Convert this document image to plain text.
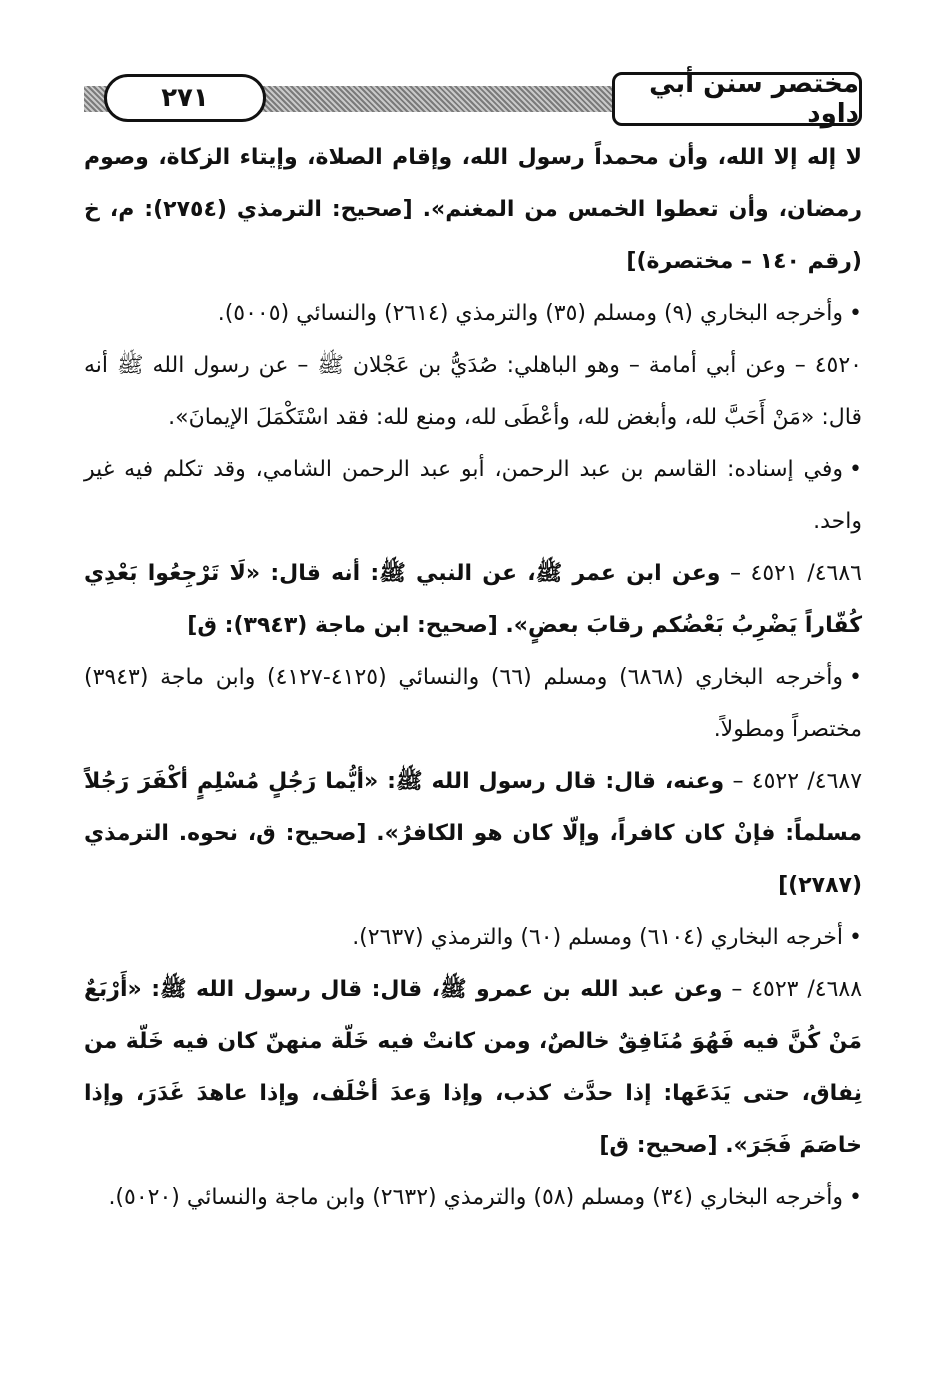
٢٧١	مختصر سنن أبي داود

لا إله إلا الله، وأن محمداً رسول الله، وإقام الصلاة، وإيتاء الزكاة، وصوم رمضان، وأن تعطوا الخمس من المغنم». [صحيح: الترمذي (٢٧٥٤): م، خ (رقم ١٤٠ – مختصرة)]

•وأخرجه البخاري (٩) ومسلم (٣٥) والترمذي (٢٦١٤) والنسائي (٥٠٠٥).

٤٥٢٠ – وعن أبي أمامة – وهو الباهلي: صُدَيُّ بن عَجْلان ﷺ – عن رسول الله ﷺ أنه قال: «مَنْ أَحَبَّ لله، وأبغض لله، وأعْطَى لله، ومنع لله: فقد اسْتَكْمَلَ الإيمانَ».

•وفي إسناده: القاسم بن عبد الرحمن، أبو عبد الرحمن الشامي، وقد تكلم فيه غير واحد.

٤٦٨٦/ ٤٥٢١ – وعن ابن عمر ﷺ، عن النبي ﷺ: أنه قال: «لَا تَرْجِعُوا بَعْدِي كُفّاراً يَضْرِبُ بَعْضُكم رقابَ بعضٍ». [صحيح: ابن ماجة (٣٩٤٣): ق]

•وأخرجه البخاري (٦٨٦٨) ومسلم (٦٦) والنسائي (٤١٢٥-٤١٢٧) وابن ماجة (٣٩٤٣) مختصراً ومطولاً.

٤٦٨٧/ ٤٥٢٢ – وعنه، قال: قال رسول الله ﷺ: «أيُّما رَجُلٍ مُسْلِمٍ أكْفَرَ رَجُلاً مسلماً: فإنْ كان كافراً، وإلّا كان هو الكافرُ». [صحيح: ق، نحوه. الترمذي (٢٧٨٧)]

•أخرجه البخاري (٦١٠٤) ومسلم (٦٠) والترمذي (٢٦٣٧).

٤٦٨٨/ ٤٥٢٣ – وعن عبد الله بن عمرو ﷺ، قال: قال رسول الله ﷺ: «أَرْبَعٌ مَنْ كُنَّ فيه فَهُوَ مُنَافِقٌ خالصٌ، ومن كانتْ فيه خَلّة منهنّ كان فيه خَلّة من نِفاق، حتى يَدَعَها: إذا حدَّث كذب، وإذا وَعدَ أخْلَف، وإذا عاهدَ غَدَرَ، وإذا خاصَمَ فَجَرَ». [صحيح: ق]

•وأخرجه البخاري (٣٤) ومسلم (٥٨) والترمذي (٢٦٣٢) وابن ماجة والنسائي (٥٠٢٠).
